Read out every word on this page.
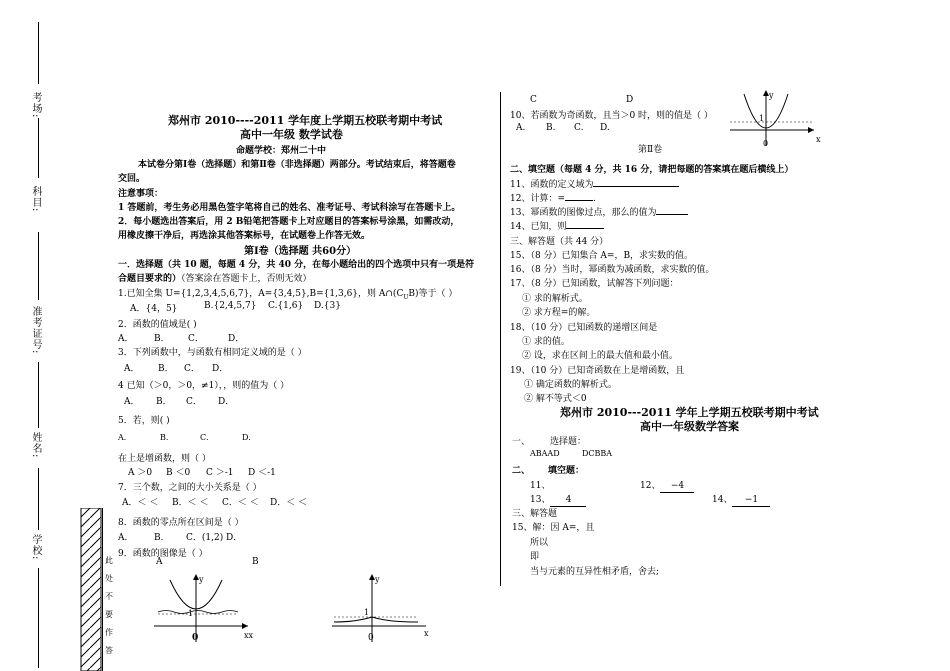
考场:
科目:
准考证号:
姓名:
学校:
此
处
不
要
作
答
郑州市 2010----2011 学年度上学期五校联考期中考试
高中一年级 数学试卷
命题学校：郑州二十中
本试卷分第Ⅰ卷（选择题）和第Ⅱ卷（非选择题）两部分。考试结束后，将答题卷
交回。
注意事项：
1 答题前，考生务必用黑色签字笔将自己的姓名、准考证号、考试科涂写在答题卡上。
2．每小题选出答案后，用 2 B铅笔把答题卡上对应题目的答案标号涂黑，如需改动，
用橡皮擦干净后，再选涂其他答案标号，在试题卷上作答无效。
第Ⅰ卷（选择题 共60分）
一．选择题（共 10 题，每题 4 分，共 40 分，在每小题给出的四个选项中只有一项是符
合题目要求的）（答案涂在答题卡上，否则无效）
1.已知全集 U={1,2,3,4,5,6,7}，A={3,4,5},B={1,3,6}，则 $A\cap(C_UB)$等于（ ）
A．{4，5}	B.{2,4,5,7} C.{1,6} D.{3}
2．函数的值域是( )
A． B． C．	D．
3．下列函数中，与函数有相同定义域的是（ ）
A． B． C． D．
4 已知（＞0，＞0，≠1），，则的值为（ ）
A． B． C． D．
5．若，则( )
A．	B．	C．	D．
在上是增函数，则（ ）
A ＞0 B ＜0 C ＞-1 D ＜-1
7．三个数，之间的大小关系是（ ）
A．＜ ＜ B．＜ ＜ C．＜ ＜ D．＜ ＜
8．函数的零点所在区间是（ ）
A． B． C．(1,2) D．
9．函数的图像是（ ）
A	B
y
1
0	xx
y
1
0	x
C	D
10、若函数为奇函数，且当＞0 时，则的值是（ ）
A. B. C. D.
y
1
0	x
第Ⅱ卷
二、填空题（每题 4 分，共 16 分，请把每题的答案填在题后横线上）
11、函数的定义域为
12、计算：=	.
13、幂函数的图像过点，那么的值为
14、已知，则
三、解答题（共 44 分）
15、（8 分）已知集合 A=，B，求实数的值。
16、（8 分）当时，幂函数为减函数，求实数的值。
17、（8 分）已知函数，试解答下列问题：
① 求的解析式。
② 求方程=的解。
18、（10 分）已知函数的递增区间是
① 求的值。
② 设，求在区间上的最大值和最小值。
19、（10 分）已知奇函数在上是增函数，且
① 确定函数的解析式。
② 解不等式＜0
郑州市 2010---2011 学年上学期五校联考期中考试
高中一年级数学答案
一、 选择题：
ABAAD	DCBBA
二、 填空题：
11、	12、 −4
13、 4	14、 −1
三、解答题
15、解：因 A=，且
所以
即
当与元素的互异性相矛盾，舍去;
